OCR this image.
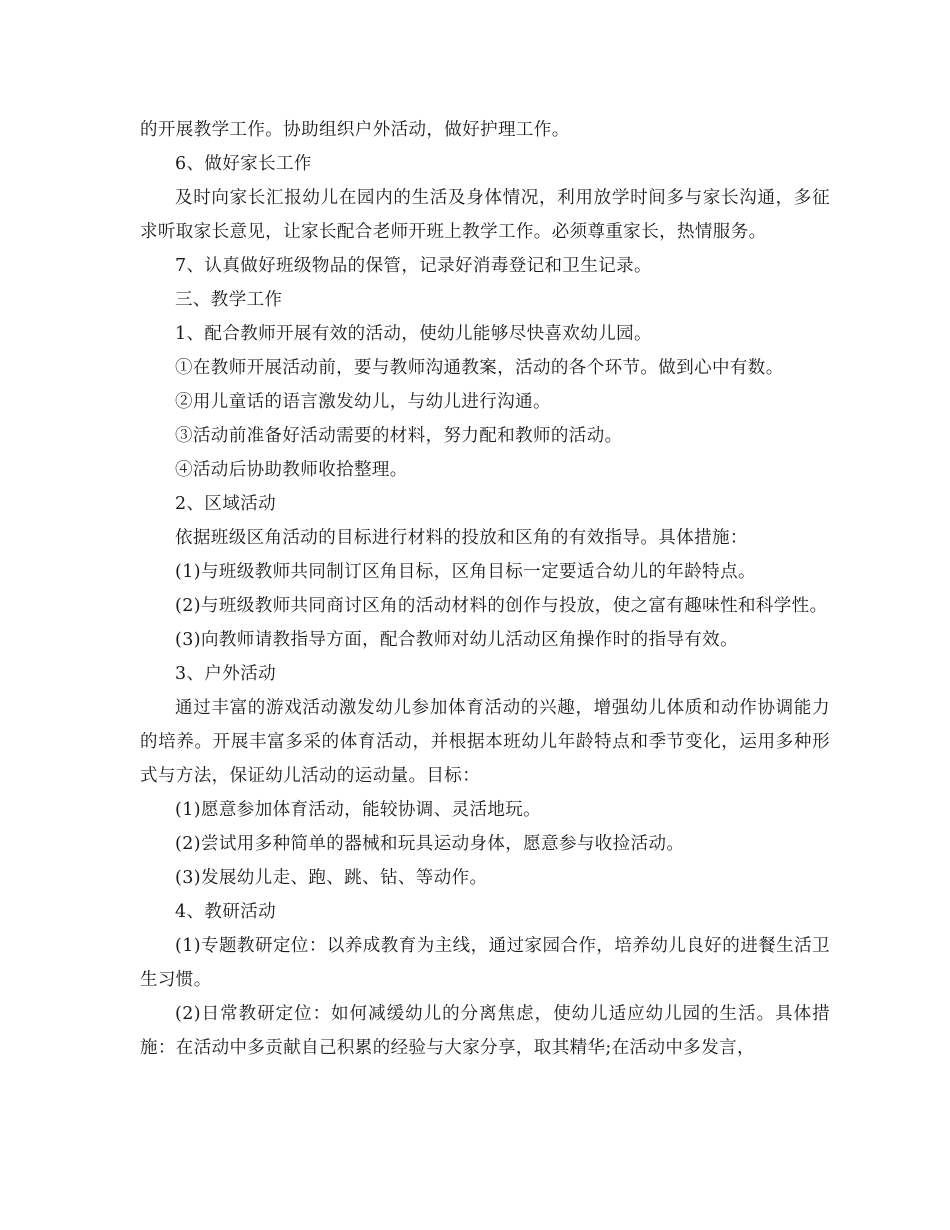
的开展教学工作。协助组织户外活动，做好护理工作。

6、做好家长工作

及时向家长汇报幼儿在园内的生活及身体情况，利用放学时间多与家长沟通，多征求听取家长意见，让家长配合老师开班上教学工作。必须尊重家长，热情服务。

7、认真做好班级物品的保管，记录好消毒登记和卫生记录。

三、教学工作

1、配合教师开展有效的活动，使幼儿能够尽快喜欢幼儿园。

①在教师开展活动前，要与教师沟通教案，活动的各个环节。做到心中有数。

②用儿童话的语言激发幼儿，与幼儿进行沟通。

③活动前准备好活动需要的材料，努力配和教师的活动。

④活动后协助教师收拾整理。

2、区域活动

依据班级区角活动的目标进行材料的投放和区角的有效指导。具体措施：

(1)与班级教师共同制订区角目标，区角目标一定要适合幼儿的年龄特点。

(2)与班级教师共同商讨区角的活动材料的创作与投放，使之富有趣味性和科学性。

(3)向教师请教指导方面，配合教师对幼儿活动区角操作时的指导有效。

3、户外活动

通过丰富的游戏活动激发幼儿参加体育活动的兴趣，增强幼儿体质和动作协调能力的培养。开展丰富多采的体育活动，并根据本班幼儿年龄特点和季节变化，运用多种形式与方法，保证幼儿活动的运动量。目标：

(1)愿意参加体育活动，能较协调、灵活地玩。

(2)尝试用多种简单的器械和玩具运动身体，愿意参与收捡活动。

(3)发展幼儿走、跑、跳、钻、等动作。

4、教研活动

(1)专题教研定位：以养成教育为主线，通过家园合作，培养幼儿良好的进餐生活卫生习惯。

(2)日常教研定位：如何减缓幼儿的分离焦虑，使幼儿适应幼儿园的生活。具体措施：在活动中多贡献自己积累的经验与大家分享，取其精华;在活动中多发言，
